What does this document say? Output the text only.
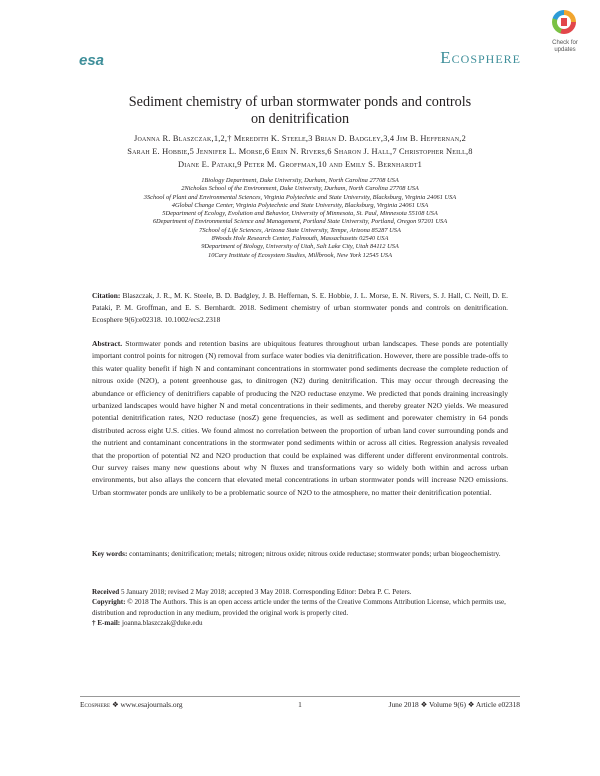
esa	Ecosphere
Check for
updates
Sediment chemistry of urban stormwater ponds and controls
on denitrification
Joanna R. Blaszczak,1,2,† Meredith K. Steele,3 Brian D. Badgley,3,4 Jim B. Heffernan,2
Sarah E. Hobbie,5 Jennifer L. Morse,6 Erin N. Rivers,6 Sharon J. Hall,7 Christopher Neill,8
Diane E. Pataki,9 Peter M. Groffman,10 and Emily S. Bernhardt1
1Biology Department, Duke University, Durham, North Carolina 27708 USA
2Nicholas School of the Environment, Duke University, Durham, North Carolina 27708 USA
3School of Plant and Environmental Sciences, Virginia Polytechnic and State University, Blacksburg, Virginia 24061 USA
4Global Change Center, Virginia Polytechnic and State University, Blacksburg, Virginia 24061 USA
5Department of Ecology, Evolution and Behavior, University of Minnesota, St. Paul, Minnesota 55108 USA
6Department of Environmental Science and Management, Portland State University, Portland, Oregon 97201 USA
7School of Life Sciences, Arizona State University, Tempe, Arizona 85287 USA
8Woods Hole Research Center, Falmouth, Massachusetts 02540 USA
9Department of Biology, University of Utah, Salt Lake City, Utah 84112 USA
10Cary Institute of Ecosystem Studies, Millbrook, New York 12545 USA
Citation: Blaszczak, J. R., M. K. Steele, B. D. Badgley, J. B. Heffernan, S. E. Hobbie, J. L. Morse, E. N. Rivers, S. J. Hall, C. Neill, D. E. Pataki, P. M. Groffman, and E. S. Bernhardt. 2018. Sediment chemistry of urban stormwater ponds and controls on denitrification. Ecosphere 9(6):e02318. 10.1002/ecs2.2318
Abstract. Stormwater ponds and retention basins are ubiquitous features throughout urban landscapes. These ponds are potentially important control points for nitrogen (N) removal from surface water bodies via denitrification. However, there are possible trade-offs to this water quality benefit if high N and contaminant concentrations in stormwater pond sediments decrease the complete reduction of nitrous oxide (N2O), a potent greenhouse gas, to dinitrogen (N2) during denitrification. This may occur through decreasing the abundance or efficiency of denitrifiers capable of producing the N2O reductase enzyme. We predicted that ponds draining increasingly urbanized landscapes would have higher N and metal concentrations in their sediments, and thereby greater N2O yields. We measured potential denitrification rates, N2O reductase (nosZ) gene frequencies, as well as sediment and porewater chemistry in 64 ponds distributed across eight U.S. cities. We found almost no correlation between the proportion of urban land cover surrounding ponds and the nutrient and contaminant concentrations in the stormwater pond sediments within or across all cities. Regression analysis revealed that the proportion of potential N2 and N2O production that could be explained was different under different environmental controls. Our survey raises many new questions about why N fluxes and transformations vary so widely both within and across urban environments, but also allays the concern that elevated metal concentrations in urban stormwater ponds will increase N2O emissions. Urban stormwater ponds are unlikely to be a problematic source of N2O to the atmosphere, no matter their denitrification potential.
Key words: contaminants; denitrification; metals; nitrogen; nitrous oxide; nitrous oxide reductase; stormwater ponds; urban biogeochemistry.
Received 5 January 2018; revised 2 May 2018; accepted 3 May 2018. Corresponding Editor: Debra P. C. Peters.
Copyright: © 2018 The Authors. This is an open access article under the terms of the Creative Commons Attribution License, which permits use, distribution and reproduction in any medium, provided the original work is properly cited.
† E-mail: joanna.blaszczak@duke.edu
Ecosphere ❖ www.esajournals.org	1	June 2018 ❖ Volume 9(6) ❖ Article e02318
